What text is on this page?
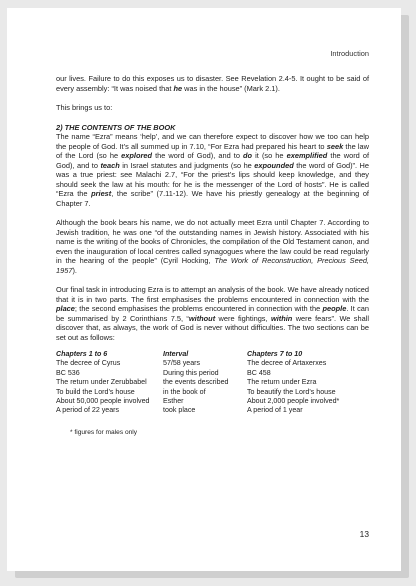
Introduction

our lives. Failure to do this exposes us to disaster. See Revelation 2.4-5. It ought to be said of every assembly: “It was noised that he was in the house” (Mark 2.1).

This brings us to:

2) THE CONTENTS OF THE BOOK

The name “Ezra” means ‘help’, and we can therefore expect to discover how we too can help the people of God. It’s all summed up in 7.10, “For Ezra had prepared his heart to seek the law of the Lord (so he explored the word of God), and to do it (so he exemplified the word of God), and to teach in Israel statutes and judgments (so he expounded the word of God)”. He was a true priest: see Malachi 2.7, “For the priest’s lips should keep knowledge, and they should seek the law at his mouth: for he is the messenger of the Lord of hosts”. He is called “Ezra the priest, the scribe” (7.11-12). We have his priestly genealogy at the beginning of Chapter 7.

Although the book bears his name, we do not actually meet Ezra until Chapter 7. According to Jewish tradition, he was one “of the outstanding names in Jewish history. Associated with his name is the writing of the books of Chronicles, the compilation of the Old Testament canon, and even the inauguration of local centres called synagogues where the law could be read regularly in the hearing of the people” (Cyril Hocking, The Work of Reconstruction, Precious Seed, 1957).

Our final task in introducing Ezra is to attempt an analysis of the book. We have already noticed that it is in two parts. The first emphasises the problems encountered in connection with the place; the second emphasises the problems encountered in connection with the people. It can be summarised by 2 Corinthians 7.5, “without were fightings, within were fears”. We shall discover that, as always, the work of God is never without difficulties. The two sections can be set out as follows:

Chapters 1 to 6
The decree of Cyrus
BC 536
The return under Zerubbabel
To build the Lord’s house
About 50,000 people involved
A period of 22 years
Interval
57/58 years
During this period
the events described
in the book of
Esther
took place
Chapters 7 to 10
The decree of Artaxerxes
BC 458
The return under Ezra
To beautify the Lord’s house
About 2,000 people involved*
A period of 1 year
* figures for males only
13
